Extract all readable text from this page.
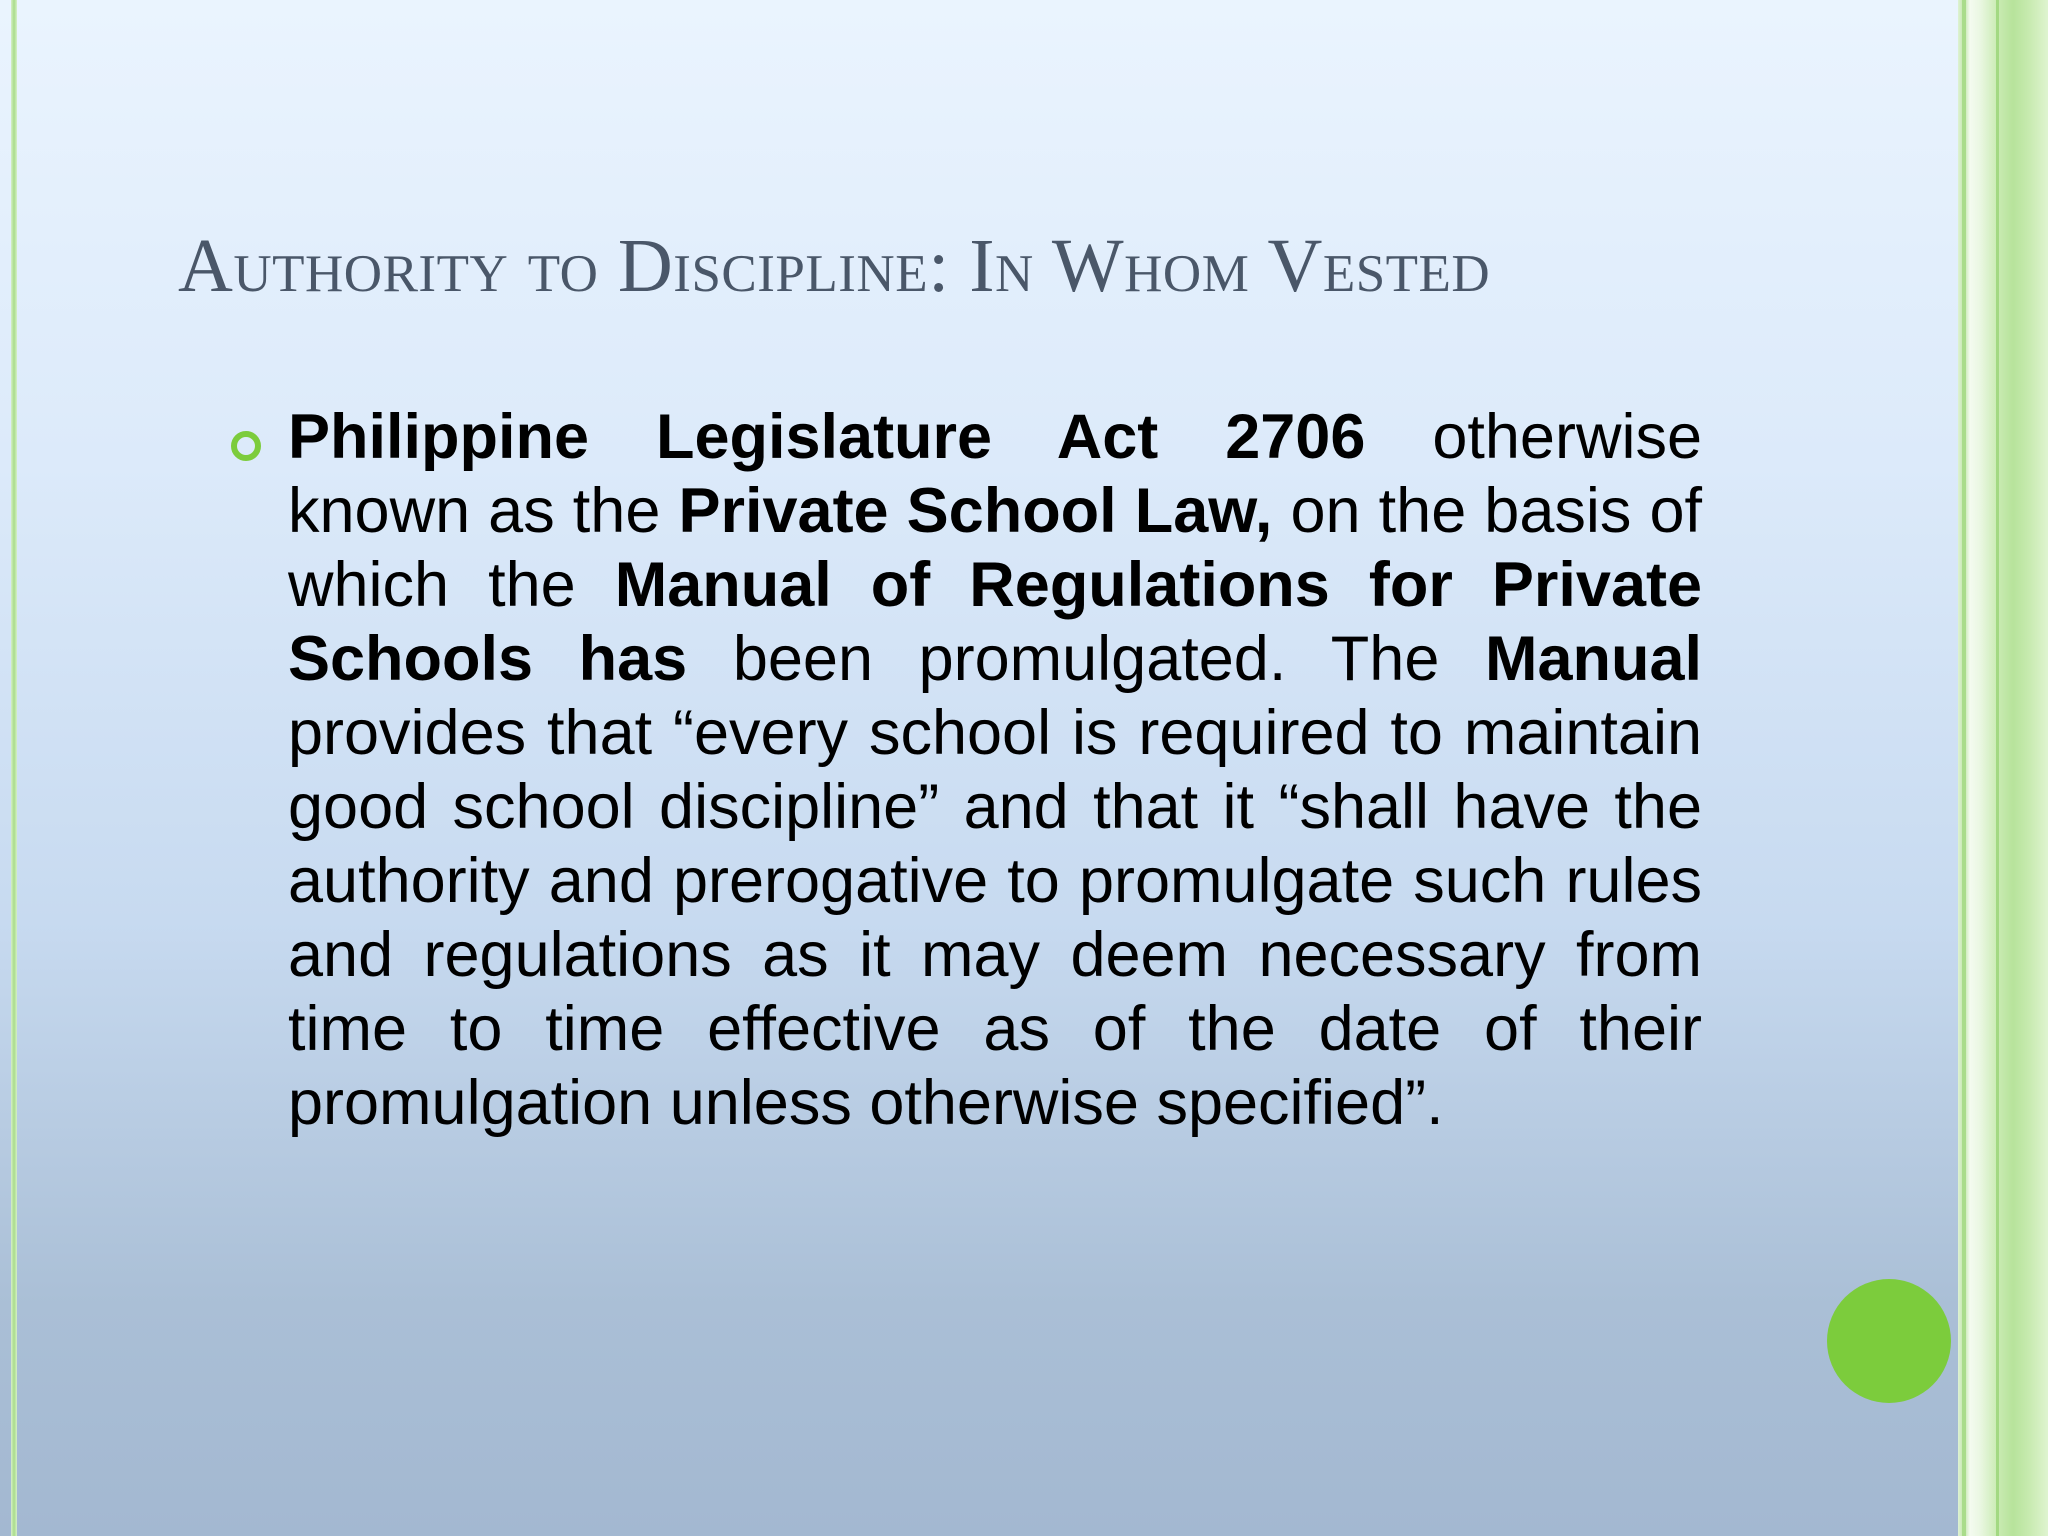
Authority to Discipline: In Whom Vested

Philippine Legislature Act 2706 otherwise known as the Private School Law, on the basis of which the Manual of Regulations for Private Schools has been promulgated. The Manual provides that “every school is required to maintain good school discipline” and that it “shall have the authority and prerogative to promulgate such rules and regulations as it may deem necessary from time to time effective as of the date of their promulgation unless otherwise specified”.
